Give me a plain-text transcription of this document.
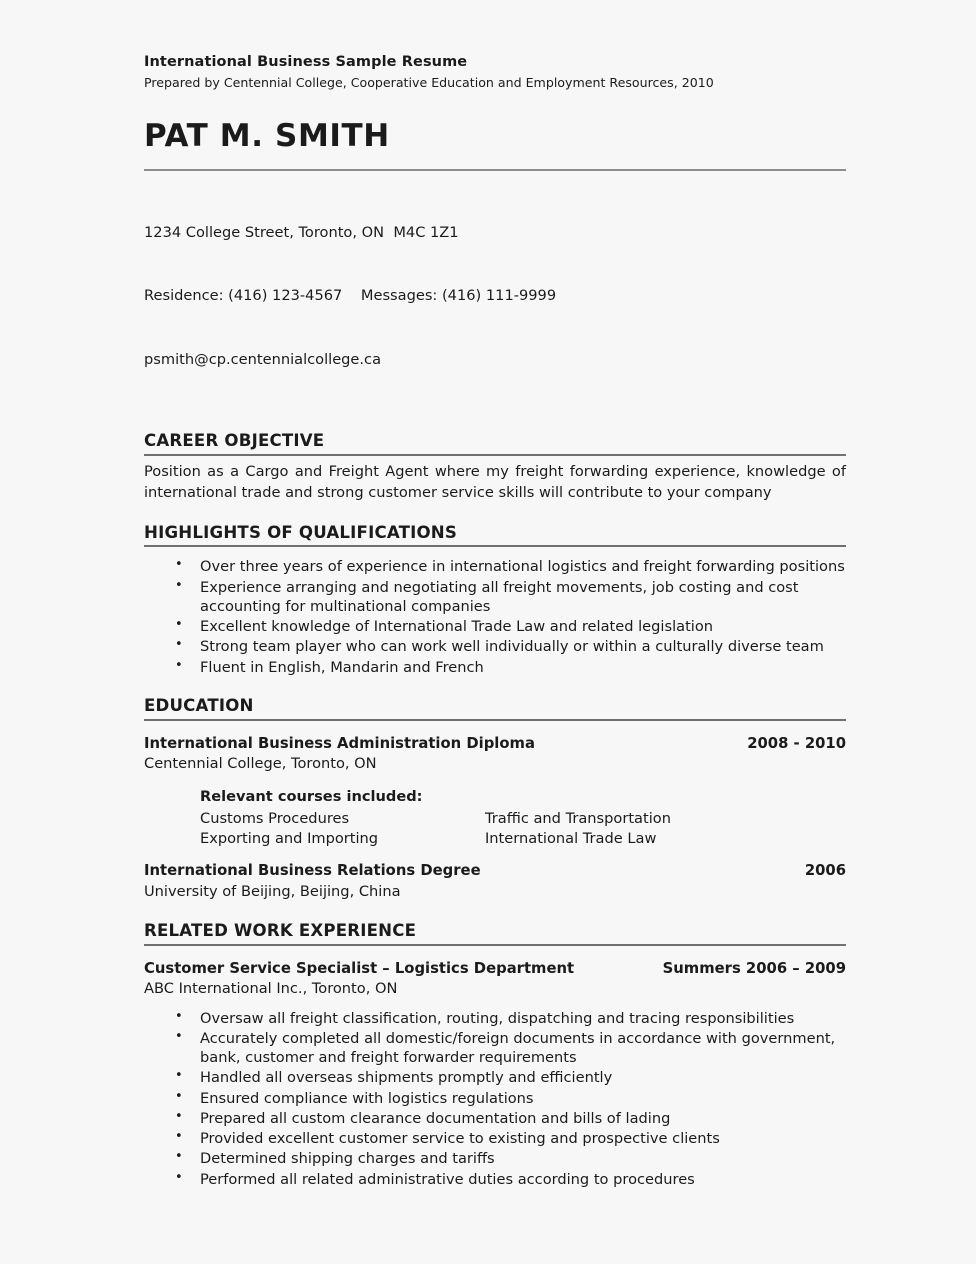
International Business Sample Resume
Prepared by Centennial College, Cooperative Education and Employment Resources, 2010
PAT M. SMITH

1234 College Street, Toronto, ON  M4C 1Z1

Residence: (416) 123-4567    Messages: (416) 111-9999

psmith@cp.centennialcollege.ca

CAREER OBJECTIVE
Position as a Cargo and Freight Agent where my freight forwarding experience, knowledge of international trade and strong customer service skills will contribute to your company
HIGHLIGHTS OF QUALIFICATIONS
• Over three years of experience in international logistics and freight forwarding positions
• Experience arranging and negotiating all freight movements, job costing and cost accounting for multinational companies
• Excellent knowledge of International Trade Law and related legislation
• Strong team player who can work well individually or within a culturally diverse team
• Fluent in English, Mandarin and French
EDUCATION
International Business Administration Diploma	2008 - 2010
Centennial College, Toronto, ON
Relevant courses included:
Customs Procedures	Traffic and Transportation
Exporting and Importing	International Trade Law
International Business Relations Degree	2006
University of Beijing, Beijing, China
RELATED WORK EXPERIENCE
Customer Service Specialist – Logistics Department	Summers 2006 – 2009
ABC International Inc., Toronto, ON
• Oversaw all freight classification, routing, dispatching and tracing responsibilities
• Accurately completed all domestic/foreign documents in accordance with government, bank, customer and freight forwarder requirements
• Handled all overseas shipments promptly and efficiently
• Ensured compliance with logistics regulations
• Prepared all custom clearance documentation and bills of lading
• Provided excellent customer service to existing and prospective clients
• Determined shipping charges and tariffs
• Performed all related administrative duties according to procedures
